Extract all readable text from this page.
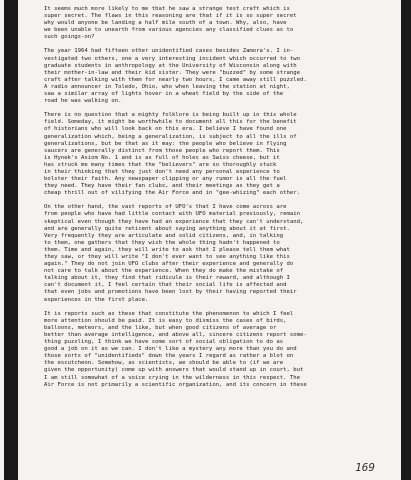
It seems much more likely to me that he saw a strange test craft which is
super secret. The flaws in this reasoning are that if it is so super secret
why would anyone be landing a half mile south of a town. Why, also, have
we been unable to unearth from various agencies any classified clues as to
such goings-on?

The year 1964 had fifteen other unidentified cases besides Zamora's. I in-
vestigated two others, one a very interesting incident which occurred to two
graduate students in anthropology at the University of Wisconsin along with
their mother-in-law and their kid sister. They were "buzzed" by some strange
craft after talking with them for nearly two hours, I came away still puzzled.
A radio announcer in Toledo, Ohio, who when leaving the station at night,
saw a similar array of lights hover in a wheat field by the side of the
road he was walking on.

There is no question that a mighty folklore is being built up in this whole
field. Someday, it might be worthwhile to document all this for the benefit
of historians who will look back on this era. I believe I have found one
generalization which, being a generalization, is subject to all the ills of
generalizations, but be that as it may: the people who believe in flying
saucers are generally distinct from those people who report them. This
is Hynek's Axiom No. 1 and is as full of holes as Swiss cheese, but it
has struck me many times that the "believers" are so thoroughly stuck
in their thinking that they just don't need any personal experience to
bolster their faith. Any newspaper clipping or any rumor is all the fuel
they need. They have their fan clubs, and their meetings as they get a
cheap thrill out of vilifying the Air Force and in "gee-whizing" each other.

On the other hand, the vast reports of UFO's that I have come across are
from people who have had little contact with UFO material previously, remain
skeptical even though they have had an experience that they can't understand,
and are generally quite reticent about saying anything about it at first.
Very frequently they are articulate and solid citizens, and, in talking
to them, one gathers that they wish the whole thing hadn't happened to
them. Time and again, they will write to ask that I please tell them what
they saw, or they will write "I don't ever want to see anything like this
again." They do not join UFO clubs after their experience and generally do
not care to talk about the experience. When they do make the mistake of
talking about it, they find that ridicule is their reward, and although I
can't document it, I feel certain that their social life is affected and
that even jobs and promotions have been lost by their having reported their
experiences in the first place.

It is reports such as these that constitute the phenomenon to which I feel
more attention should be paid. It is easy to dismiss the cases of birds,
balloons, meteors, and the like, but when good citizens of average or
better than average intelligence, and above all, sincere citizens report some-
thing puzzling, I think we have some sort of social obligation to do as
good a job on it as we can. I don't like a mystery any more than you do and
those sorts of "unidentifieds" down the years I regard as rather a blot on
the escutcheon. Somehow, as scientists, we should be able to (if we are
given the opportunity) come up with answers that would stand up in court, but
I am still somewhat of a voice crying in the wilderness in this respect. The
Air Force is not primarily a scientific organization, and its concern in these

169
